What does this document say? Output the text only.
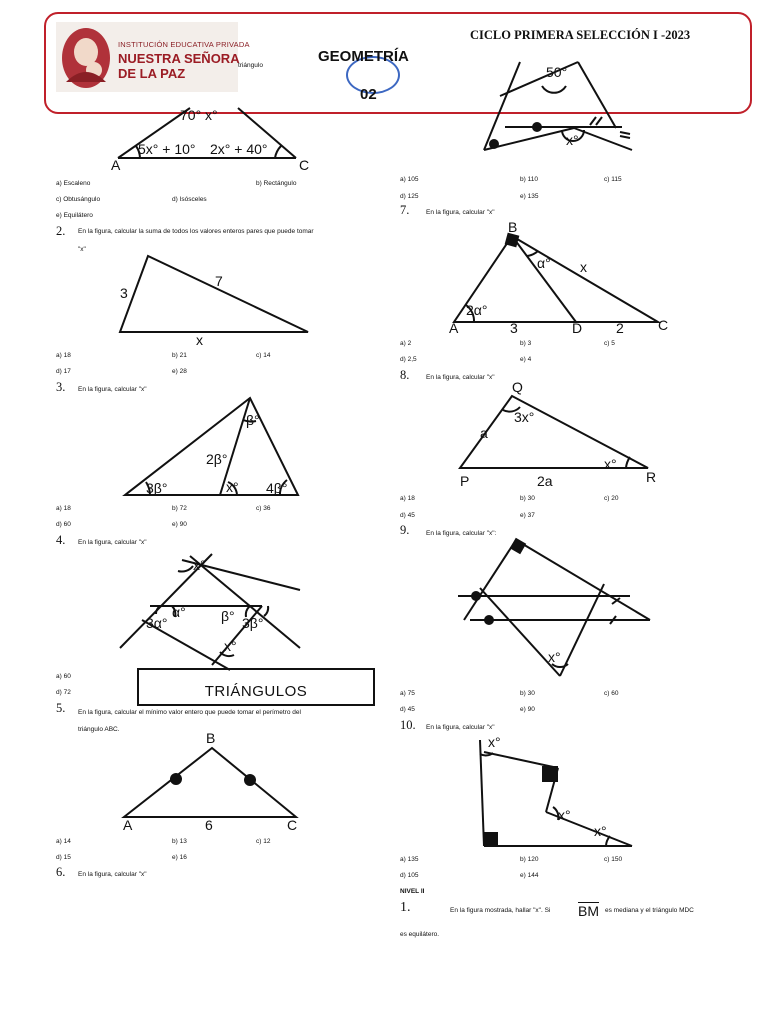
INSTITUCIÓN EDUCATIVA PRIVADA
NUESTRA SEÑORA
DE LA PAZ
triángulo
CICLO PRIMERA SELECCIÓN I -2023
GEOMETRÍA
02
70° x°
5x° + 10° 2x° + 40°
A	C
3
7
x
β°
2β°
3β°	x° 4β°
x°
α°	β°
3α°	3β°
x°
B
A	6	C
50°
x°
B
α° x
2α°
A	3	D 2 C
Q
3x°
a
x°
P	2a	R
x°
x°
x°
x°
a) Escaleno	b) Rectángulo
c) Obtusángulo	d) Isósceles
e) Equilátero
2. En la figura, calcular la suma de todos los valores enteros pares que puede tomar
"x"
a) 18	b) 21	c) 14
d) 17	e) 28
3. En la figura, calcular "x"
a) 18	b) 72	c) 36
d) 60	e) 90
4. En la figura, calcular "x"
a) 60
d) 72	TRIÁNGULOS
5. En la figura, calcular el mínimo valor entero que puede tomar el perímetro del
triángulo ABC.
a) 14	b) 13	c) 12
d) 15	e) 16
6. En la figura, calcular "x"
a) 105	b) 110	c) 115
d) 125	e) 135
7.	En la figura, calcular "x"
a) 2	b) 3	c) 5
d) 2,5	e) 4
8.	En la figura, calcular "x"
a) 18	b) 30	c) 20
d) 45	e) 37
9.	En la figura, calcular "x":
a) 75	b) 30	c) 60
d) 45	e) 90
10. En la figura, calcular "x"
a) 135	b) 120	c) 150
d) 105	e) 144
NIVEL II
1.	En la figura mostrada, hallar "x". Si BM es mediana y el triángulo MDC
es equilátero.
